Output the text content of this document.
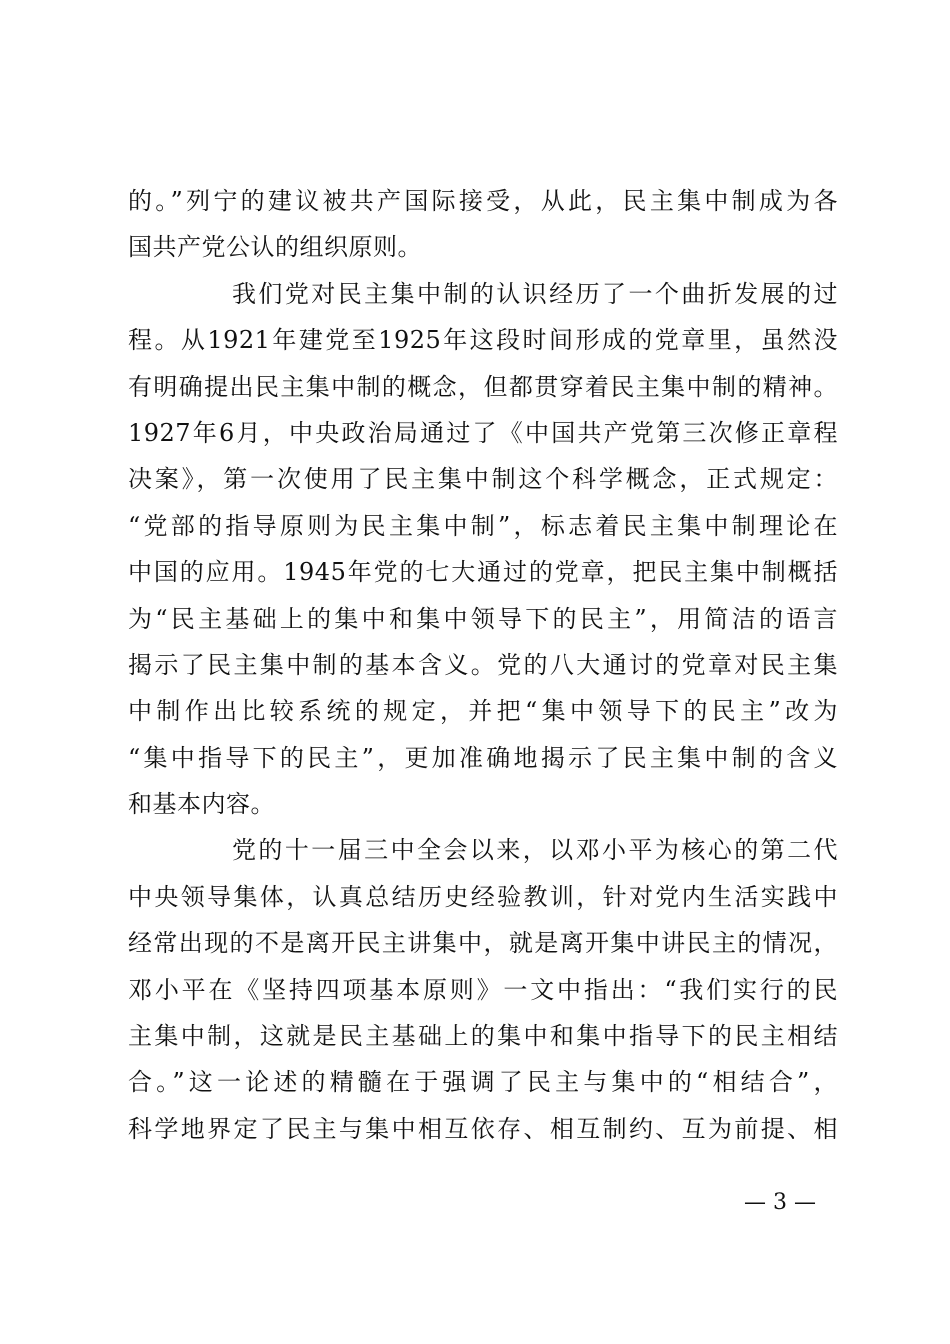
的。”列宁的建议被共产国际接受，从此，民主集中制成为各
国共产党公认的组织原则。
我们党对民主集中制的认识经历了一个曲折发展的过
程。从1921年建党至1925年这段时间形成的党章里，虽然没
有明确提出民主集中制的概念，但都贯穿着民主集中制的精神。
1927年6月，中央政治局通过了《中国共产党第三次修正章程
决案》，第一次使用了民主集中制这个科学概念，正式规定：
“党部的指导原则为民主集中制”，标志着民主集中制理论在
中国的应用。1945年党的七大通过的党章，把民主集中制概括
为“民主基础上的集中和集中领导下的民主”，用简洁的语言
揭示了民主集中制的基本含义。党的八大通讨的党章对民主集
中制作出比较系统的规定，并把“集中领导下的民主”改为
“集中指导下的民主”，更加准确地揭示了民主集中制的含义
和基本内容。
党的十一届三中全会以来，以邓小平为核心的第二代
中央领导集体，认真总结历史经验教训，针对党内生活实践中
经常出现的不是离开民主讲集中，就是离开集中讲民主的情况，
邓小平在《坚持四项基本原则》一文中指出：“我们实行的民
主集中制，这就是民主基础上的集中和集中指导下的民主相结
合。”这一论述的精髓在于强调了民主与集中的“相结合”，
科学地界定了民主与集中相互依存、相互制约、互为前提、相
— 3 —
